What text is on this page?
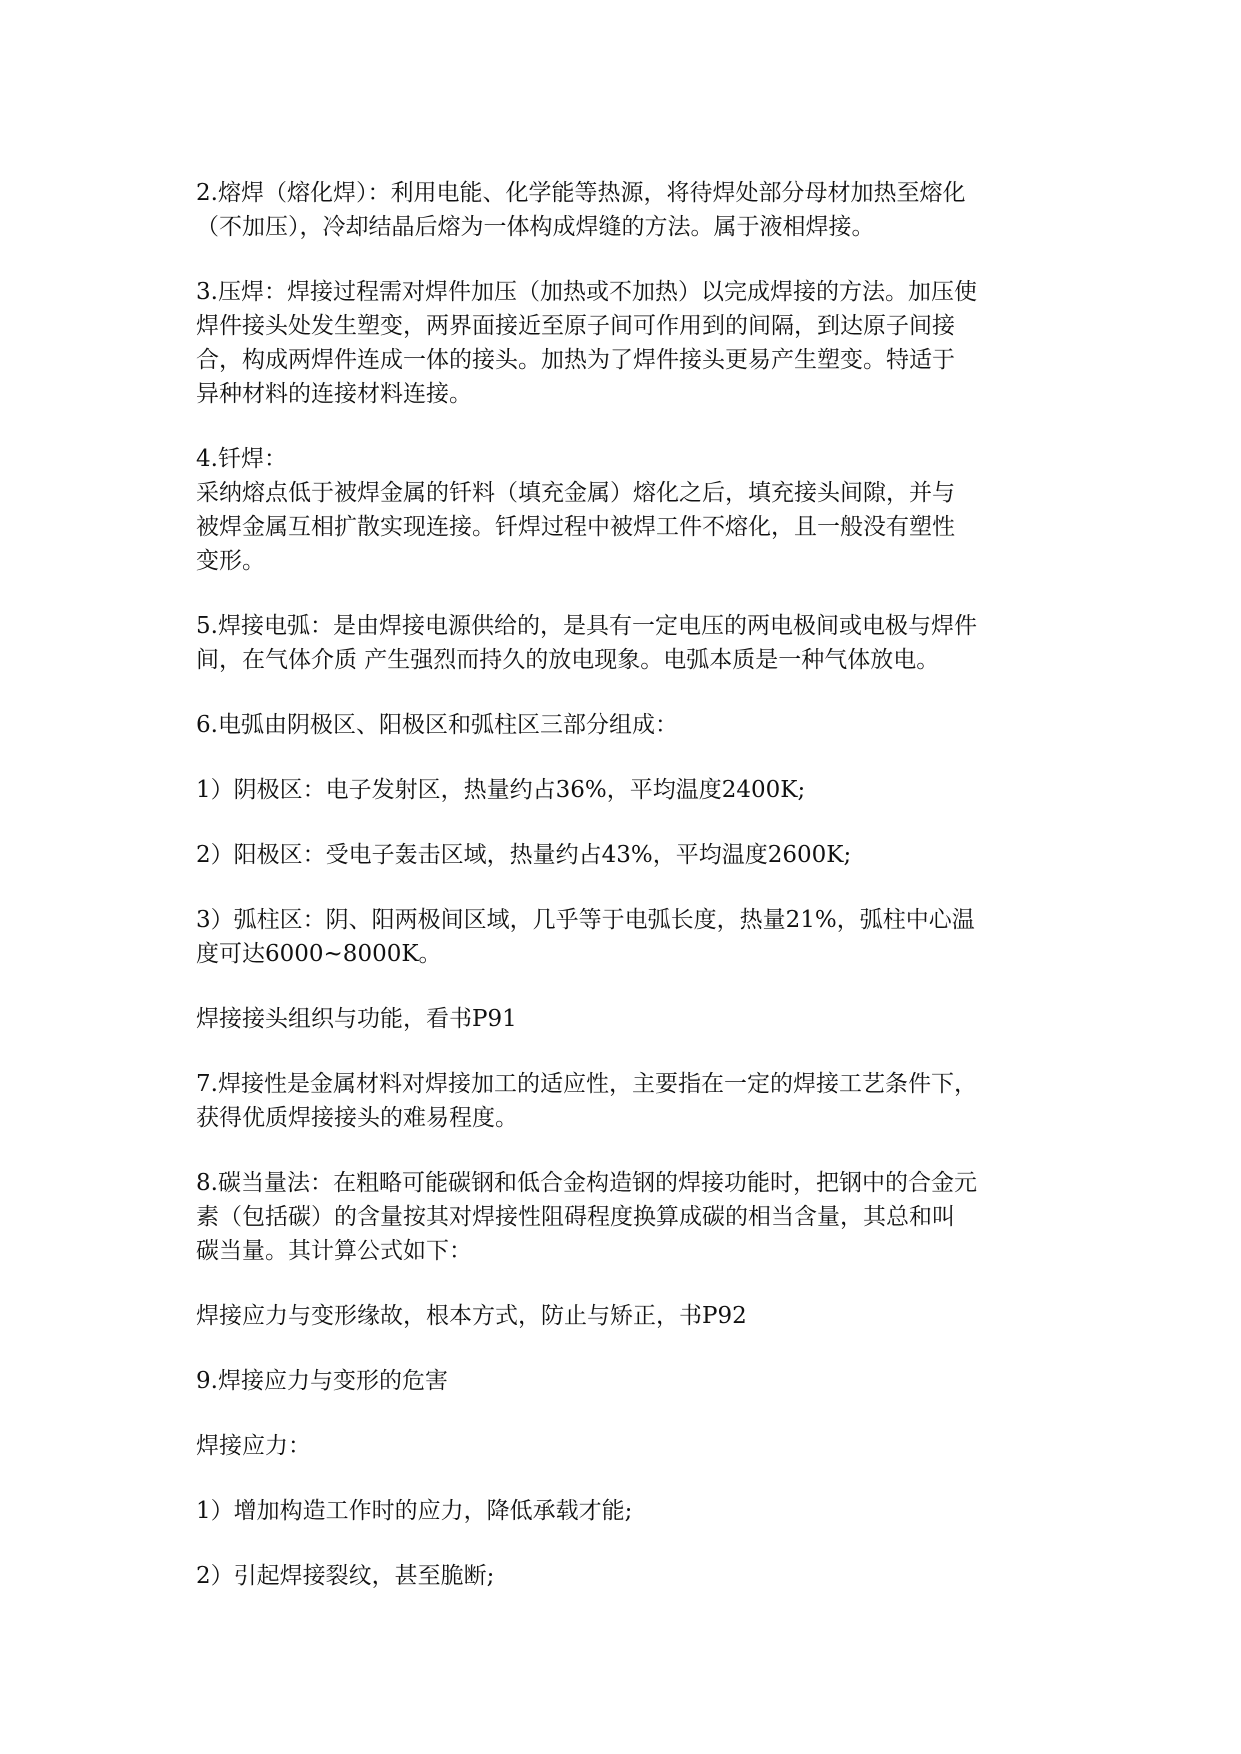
2.熔焊（熔化焊）：利用电能、化学能等热源，将待焊处部分母材加热至熔化
（不加压），冷却结晶后熔为一体构成焊缝的方法。属于液相焊接。
3.压焊：焊接过程需对焊件加压（加热或不加热）以完成焊接的方法。加压使
焊件接头处发生塑变，两界面接近至原子间可作用到的间隔，到达原子间接
合，构成两焊件连成一体的接头。加热为了焊件接头更易产生塑变。特适于
异种材料的连接材料连接。
4.钎焊：
采纳熔点低于被焊金属的钎料（填充金属）熔化之后，填充接头间隙，并与
被焊金属互相扩散实现连接。钎焊过程中被焊工件不熔化，且一般没有塑性
变形。
5.焊接电弧：是由焊接电源供给的，是具有一定电压的两电极间或电极与焊件
间，在气体介质 产生强烈而持久的放电现象。电弧本质是一种气体放电。
6.电弧由阴极区、阳极区和弧柱区三部分组成：
1）阴极区：电子发射区，热量约占36%，平均温度2400K;
2）阳极区：受电子轰击区域，热量约占43%，平均温度2600K;
3）弧柱区：阴、阳两极间区域，几乎等于电弧长度，热量21%，弧柱中心温
度可达6000~8000K。
焊接接头组织与功能，看书P91
7.焊接性是金属材料对焊接加工的适应性，主要指在一定的焊接工艺条件下，
获得优质焊接接头的难易程度。
8.碳当量法：在粗略可能碳钢和低合金构造钢的焊接功能时，把钢中的合金元
素（包括碳）的含量按其对焊接性阻碍程度换算成碳的相当含量，其总和叫
碳当量。其计算公式如下：
焊接应力与变形缘故，根本方式，防止与矫正，书P92
9.焊接应力与变形的危害
焊接应力：
1）增加构造工作时的应力，降低承载才能;
2）引起焊接裂纹，甚至脆断;
